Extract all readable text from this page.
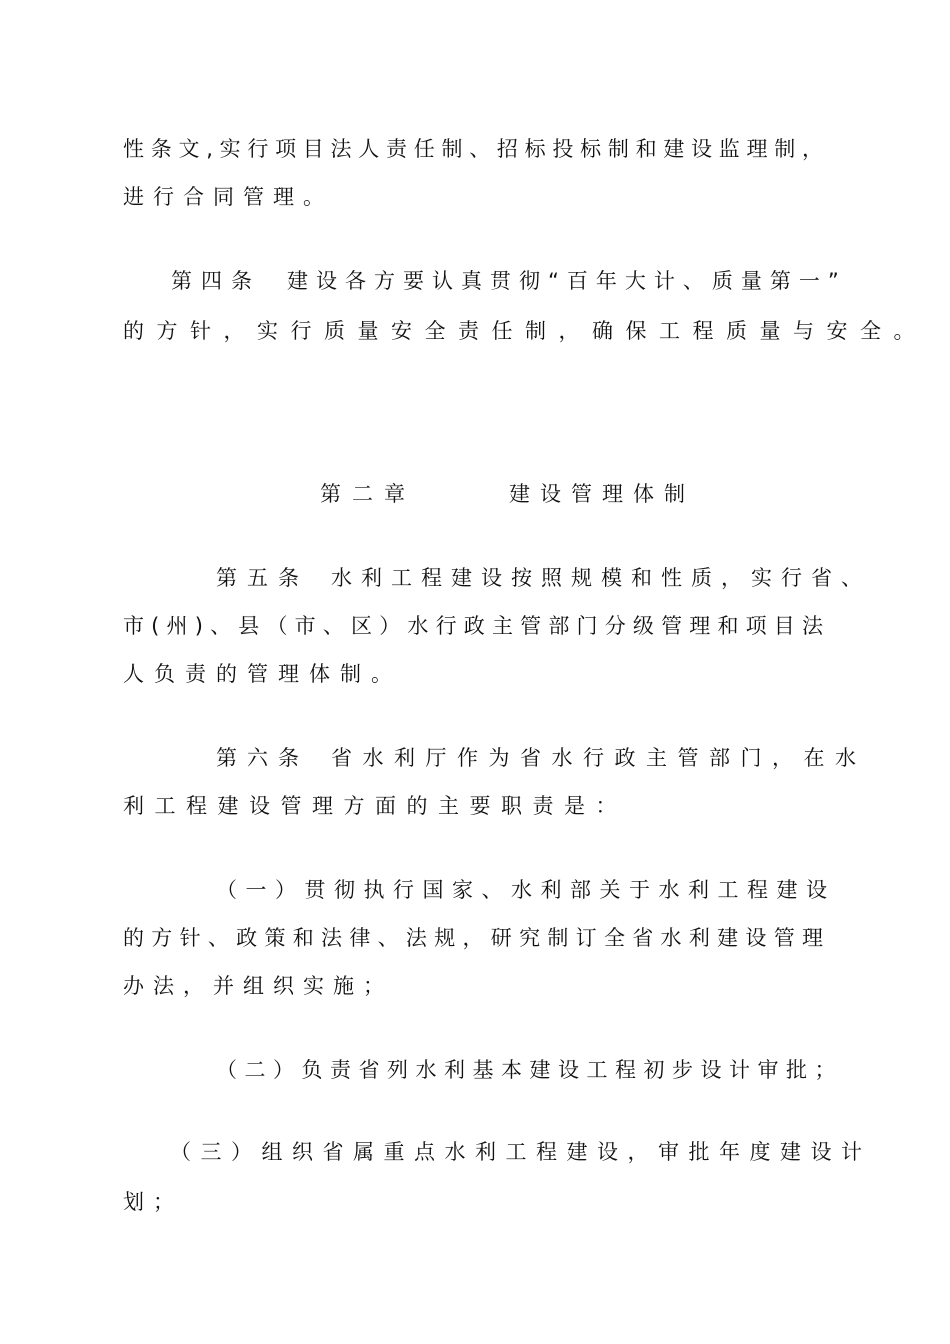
性条文,实行项目法人责任制、招标投标制和建设监理制，
进行合同管理。
第四条 建设各方要认真贯彻“百年大计、质量第一”
的方针，实行质量安全责任制，确保工程质量与安全。
第二章	建设管理体制
第五条 水利工程建设按照规模和性质，实行省、
市(州)、县（市、区）水行政主管部门分级管理和项目法
人负责的管理体制。
第六条 省水利厅作为省水行政主管部门，在水
利工程建设管理方面的主要职责是：
（一）贯彻执行国家、水利部关于水利工程建设
的方针、政策和法律、法规，研究制订全省水利建设管理
办法，并组织实施；
（二）负责省列水利基本建设工程初步设计审批；
（三）组织省属重点水利工程建设，审批年度建设计
划；
